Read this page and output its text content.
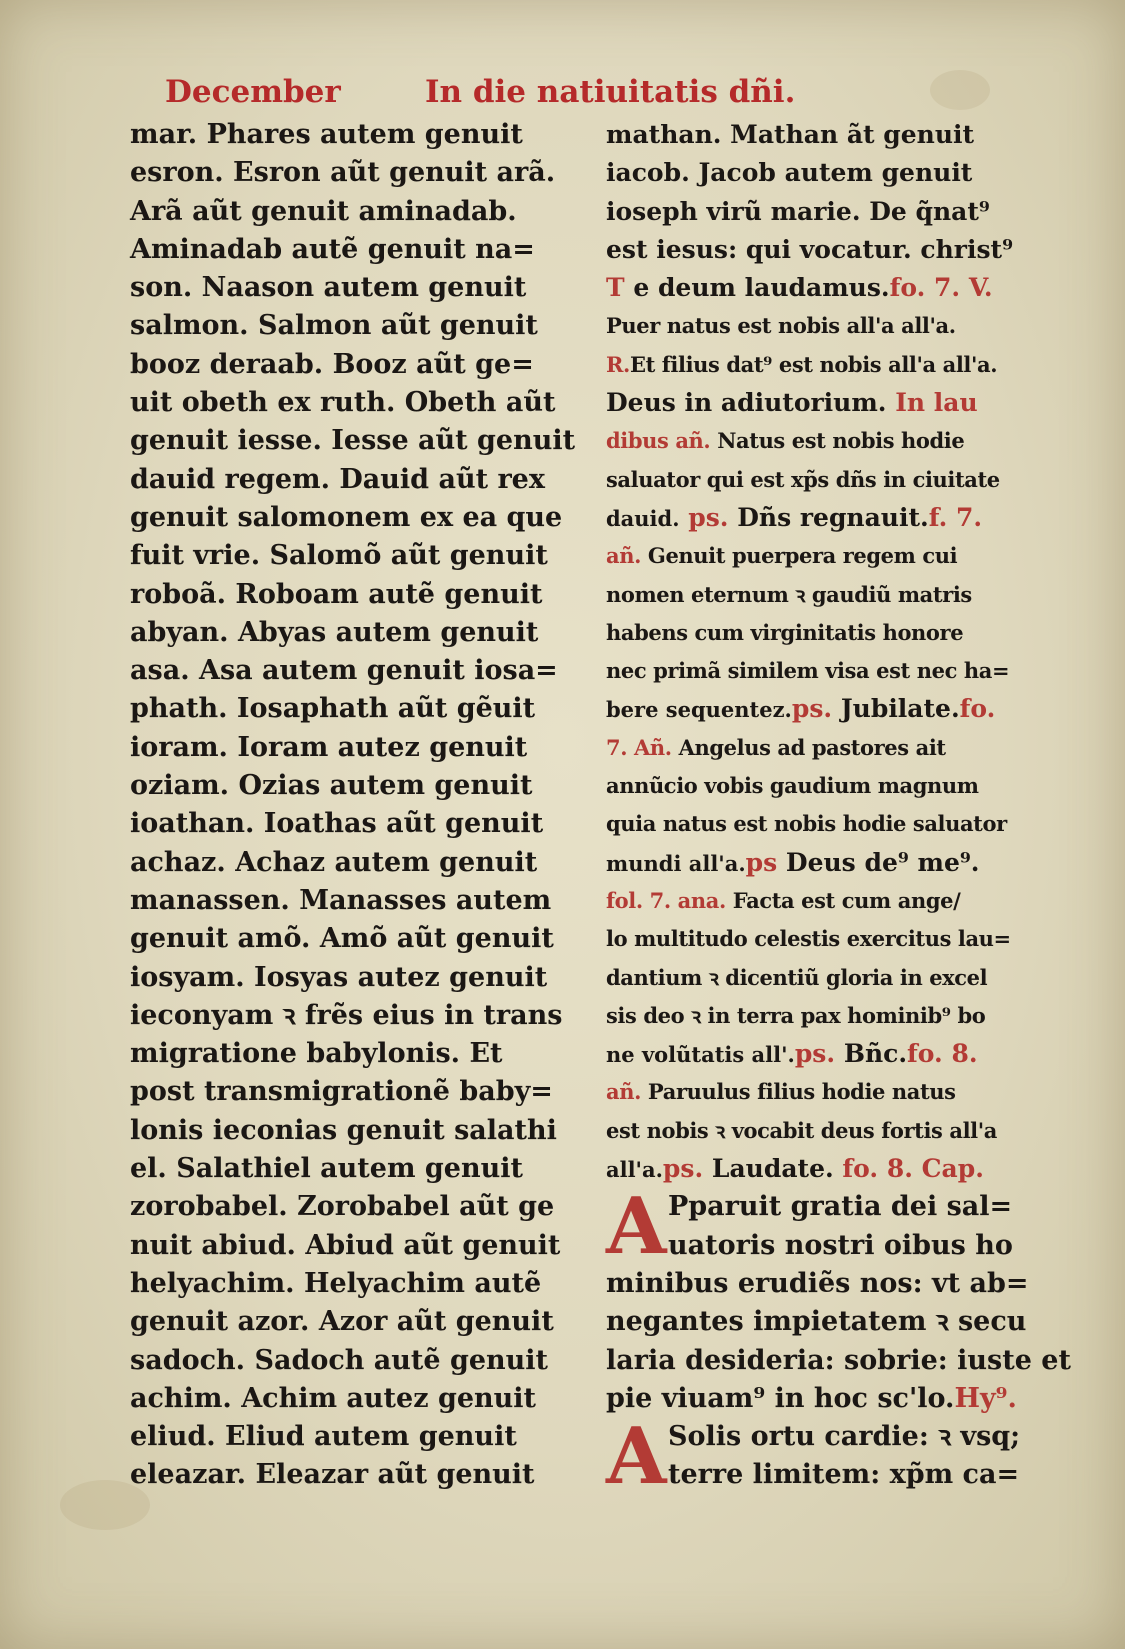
December	In die natiuitatis dñi.
mar. Phares autem genuit
esron. Esron aũt genuit arã.
Arã aũt genuit aminadab.
Aminadab autẽ genuit na=
son. Naason autem genuit
salmon. Salmon aũt genuit
booz deraab. Booz aũt ge=
uit obeth ex ruth. Obeth aũt
genuit iesse. Iesse aũt genuit
dauid regem. Dauid aũt rex
genuit salomonem ex ea que
fuit vrie. Salomõ aũt genuit
roboã. Roboam autẽ genuit
abyan. Abyas autem genuit
asa. Asa autem genuit iosa=
phath. Iosaphath aũt gẽuit
ioram. Ioram autez genuit
oziam. Ozias autem genuit
ioathan. Ioathas aũt genuit
achaz. Achaz autem genuit
manassen. Manasses autem
genuit amõ. Amõ aũt genuit
iosyam. Iosyas autez genuit
ieconyam ꝛ frẽs eius in trans
migratione babylonis. Et
post transmigrationẽ baby=
lonis ieconias genuit salathi
el. Salathiel autem genuit
zorobabel. Zorobabel aũt ge
nuit abiud. Abiud aũt genuit
helyachim. Helyachim autẽ
genuit azor. Azor aũt genuit
sadoch. Sadoch autẽ genuit
achim. Achim autez genuit
eliud. Eliud autem genuit
eleazar. Eleazar aũt genuit
mathan. Mathan ãt genuit
iacob. Jacob autem genuit
ioseph virũ marie. De q̃nat⁹
est iesus: qui vocatur. christ⁹
T e deum laudamus.fo. 7. V.
Puer natus est nobis all'a all'a.
R.Et filius dat⁹ est nobis all'a all'a.
Deus in adiutorium. In lau
dibus añ. Natus est nobis hodie
saluator qui est xp̃s dñs in ciuitate
dauid. ps. Dñs regnauit.f. 7.
añ. Genuit puerpera regem cui
nomen eternum ꝛ gaudiũ matris
habens cum virginitatis honore
nec primã similem visa est nec ha=
bere sequentez.ps. Jubilate.fo.
7. Añ. Angelus ad pastores ait
annũcio vobis gaudium magnum
quia natus est nobis hodie saluator
mundi all'a.ps Deus de⁹ me⁹.
fol. 7. ana. Facta est cum ange/
lo multitudo celestis exercitus lau=
dantium ꝛ dicentiũ gloria in excel
sis deo ꝛ in terra pax hominib⁹ bo
ne volũtatis all'.ps. Bñc.fo. 8.
añ. Paruulus filius hodie natus
est nobis ꝛ vocabit deus fortis all'a
all'a.ps. Laudate. fo. 8. Cap.
A Pparuit gratia dei sal=
uatoris nostri oibus ho
minibus erudiẽs nos: vt ab=
negantes impietatem ꝛ secu
laria desideria: sobrie: iuste et
pie viuam⁹ in hoc sc'lo.Hy⁹.
A Solis ortu cardie: ꝛ vsq;
terre limitem: xp̃m ca=
